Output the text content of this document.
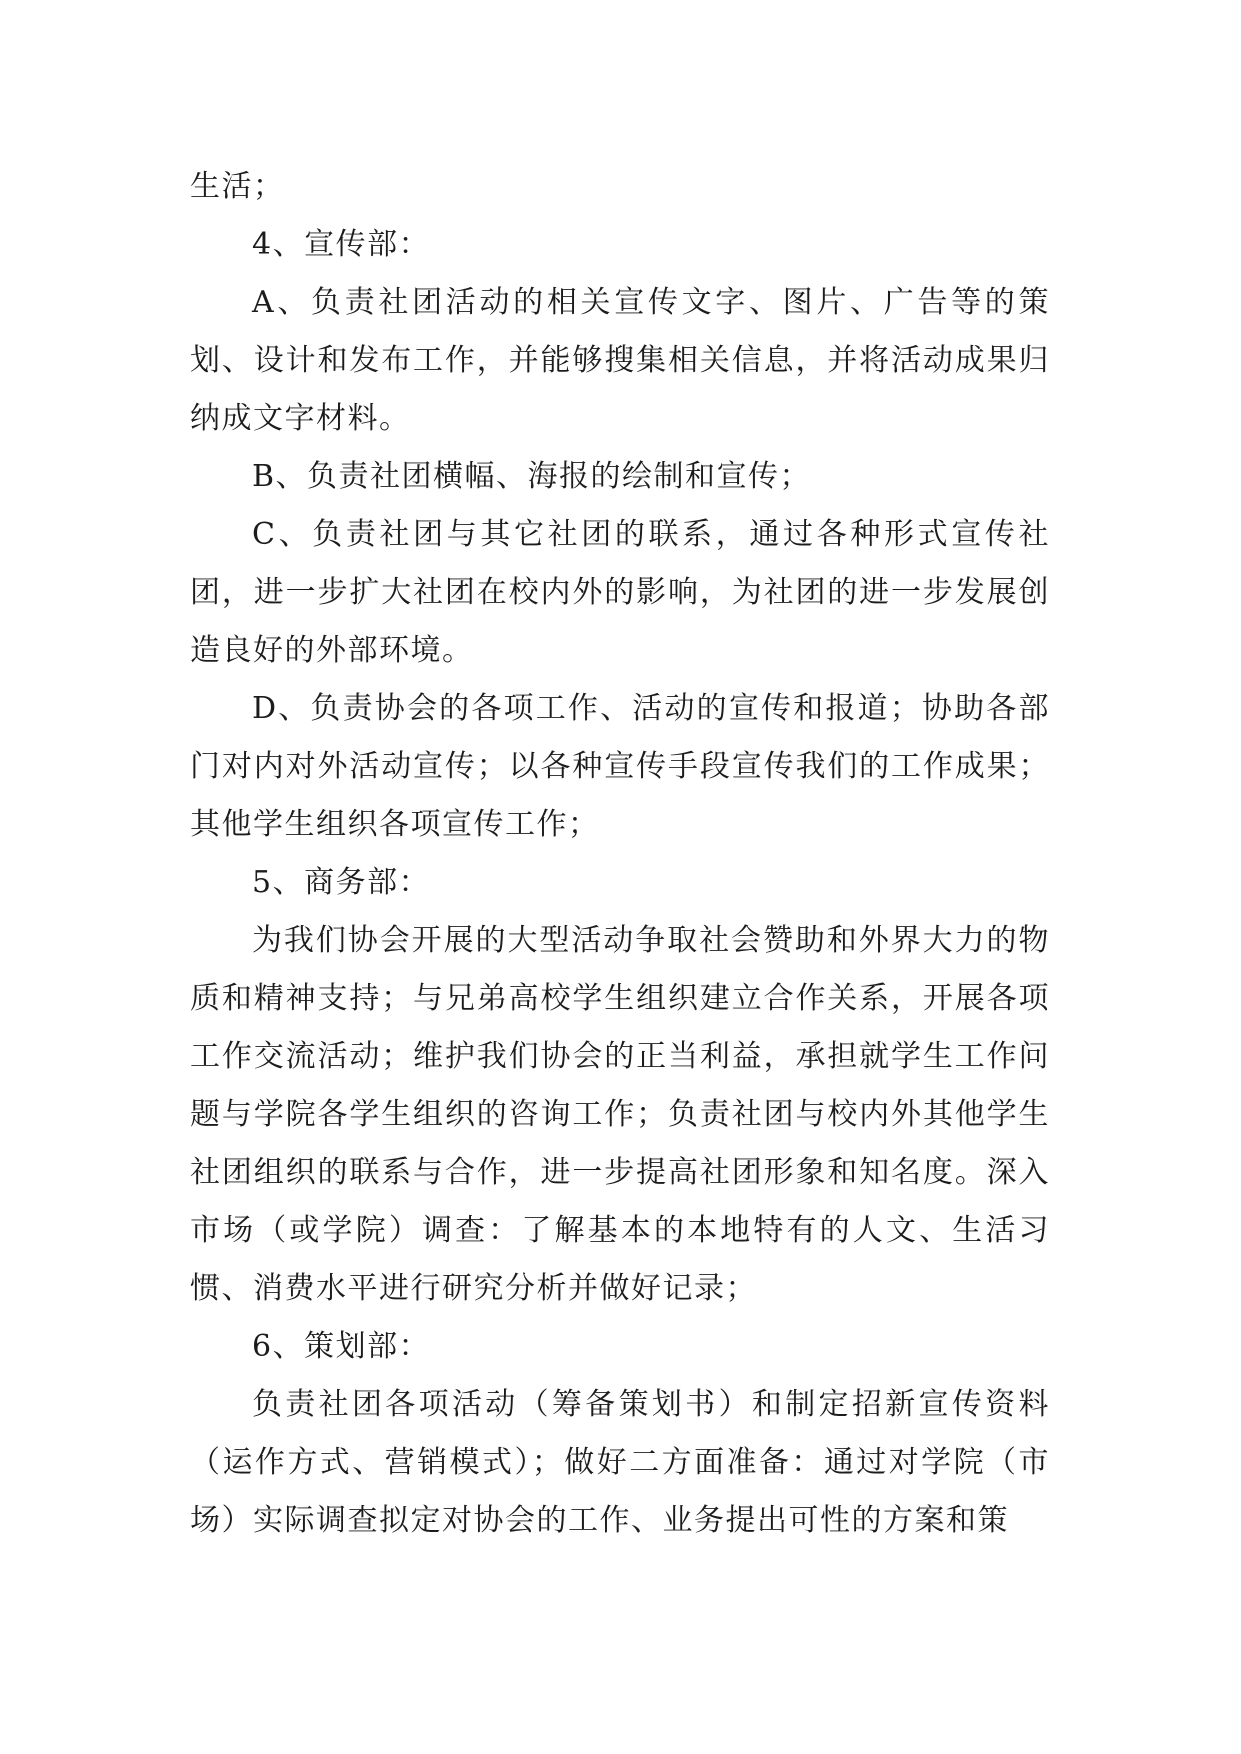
生活；

4、宣传部：

A、负责社团活动的相关宣传文字、图片、广告等的策划、设计和发布工作，并能够搜集相关信息，并将活动成果归纳成文字材料。

B、负责社团横幅、海报的绘制和宣传；

C、负责社团与其它社团的联系，通过各种形式宣传社团，进一步扩大社团在校内外的影响，为社团的进一步发展创造良好的外部环境。

D、负责协会的各项工作、活动的宣传和报道；协助各部门对内对外活动宣传；以各种宣传手段宣传我们的工作成果；其他学生组织各项宣传工作；

5、商务部：

为我们协会开展的大型活动争取社会赞助和外界大力的物质和精神支持；与兄弟高校学生组织建立合作关系，开展各项工作交流活动；维护我们协会的正当利益，承担就学生工作问题与学院各学生组织的咨询工作；负责社团与校内外其他学生社团组织的联系与合作，进一步提高社团形象和知名度。深入市场（或学院）调查：了解基本的本地特有的人文、生活习惯、消费水平进行研究分析并做好记录；

6、策划部：

负责社团各项活动（筹备策划书）和制定招新宣传资料（运作方式、营销模式）；做好二方面准备：通过对学院（市场）实际调查拟定对协会的工作、业务提出可性的方案和策
